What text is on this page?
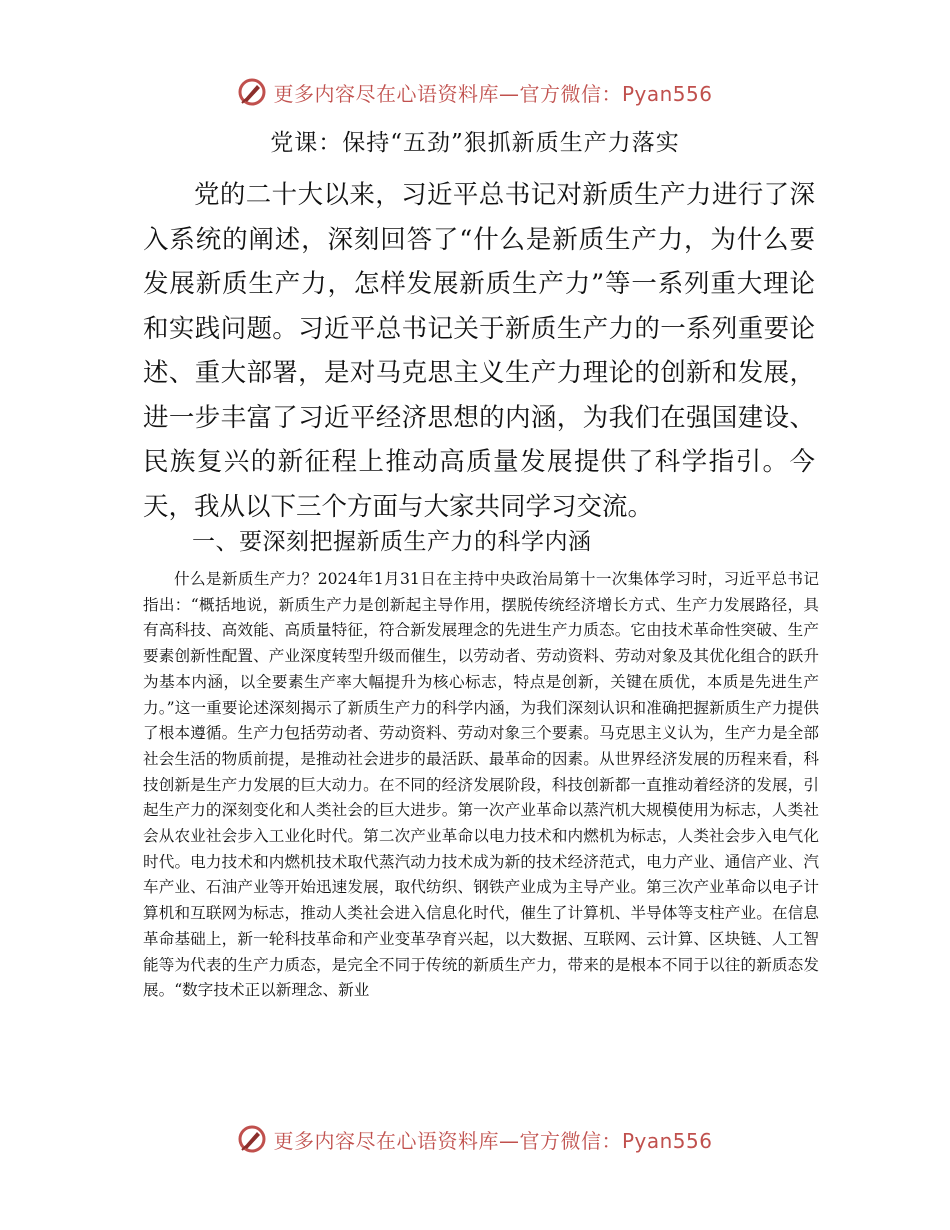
更多内容尽在心语资料库—官方微信：Pyan556
党课：保持“五劲”狠抓新质生产力落实

党的二十大以来，习近平总书记对新质生产力进行了深入系统的阐述，深刻回答了“什么是新质生产力，为什么要发展新质生产力，怎样发展新质生产力”等一系列重大理论和实践问题。习近平总书记关于新质生产力的一系列重要论述、重大部署，是对马克思主义生产力理论的创新和发展，进一步丰富了习近平经济思想的内涵，为我们在强国建设、民族复兴的新征程上推动高质量发展提供了科学指引。今天，我从以下三个方面与大家共同学习交流。

一、要深刻把握新质生产力的科学内涵

什么是新质生产力？2024年1月31日在主持中央政治局第十一次集体学习时，习近平总书记指出：“概括地说，新质生产力是创新起主导作用，摆脱传统经济增长方式、生产力发展路径，具有高科技、高效能、高质量特征，符合新发展理念的先进生产力质态。它由技术革命性突破、生产要素创新性配置、产业深度转型升级而催生，以劳动者、劳动资料、劳动对象及其优化组合的跃升为基本内涵，以全要素生产率大幅提升为核心标志，特点是创新，关键在质优，本质是先进生产力。”这一重要论述深刻揭示了新质生产力的科学内涵，为我们深刻认识和准确把握新质生产力提供了根本遵循。生产力包括劳动者、劳动资料、劳动对象三个要素。马克思主义认为，生产力是全部社会生活的物质前提，是推动社会进步的最活跃、最革命的因素。从世界经济发展的历程来看，科技创新是生产力发展的巨大动力。在不同的经济发展阶段，科技创新都一直推动着经济的发展，引起生产力的深刻变化和人类社会的巨大进步。第一次产业革命以蒸汽机大规模使用为标志，人类社会从农业社会步入工业化时代。第二次产业革命以电力技术和内燃机为标志，人类社会步入电气化时代。电力技术和内燃机技术取代蒸汽动力技术成为新的技术经济范式，电力产业、通信产业、汽车产业、石油产业等开始迅速发展，取代纺织、钢铁产业成为主导产业。第三次产业革命以电子计算机和互联网为标志，推动人类社会进入信息化时代，催生了计算机、半导体等支柱产业。在信息革命基础上，新一轮科技革命和产业变革孕育兴起，以大数据、互联网、云计算、区块链、人工智能等为代表的生产力质态，是完全不同于传统的新质生产力，带来的是根本不同于以往的新质态发展。“数字技术正以新理念、新业

更多内容尽在心语资料库—官方微信：Pyan556
